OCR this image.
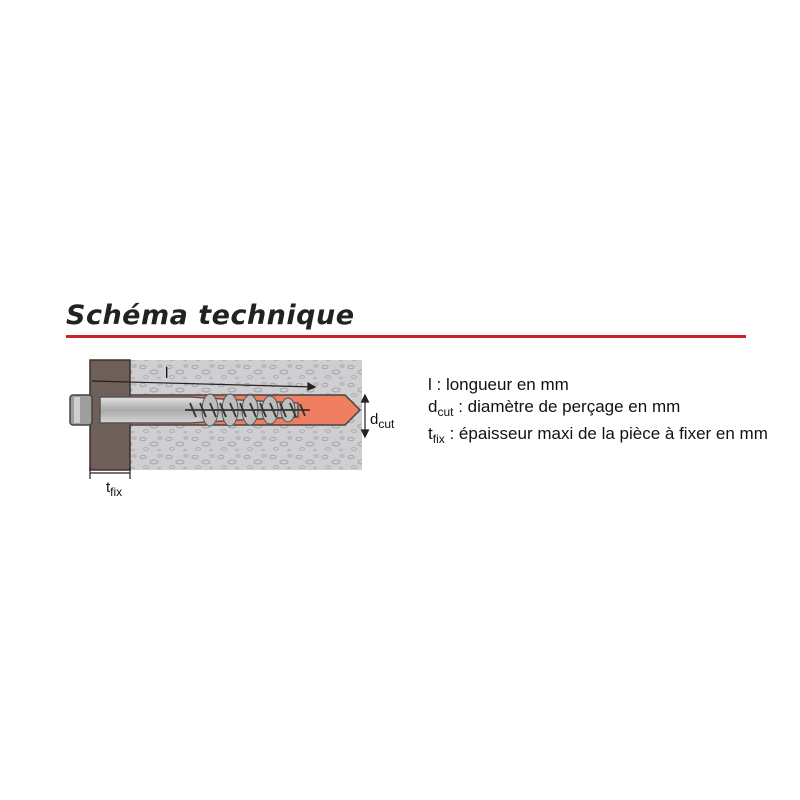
Schéma technique
l
$d_{cut}$
$t_{fix}$
l : longueur en mm
$d_{cut}$ : diamètre de perçage en mm
$t_{fix}$ : épaisseur maxi de la pièce à fixer en mm
